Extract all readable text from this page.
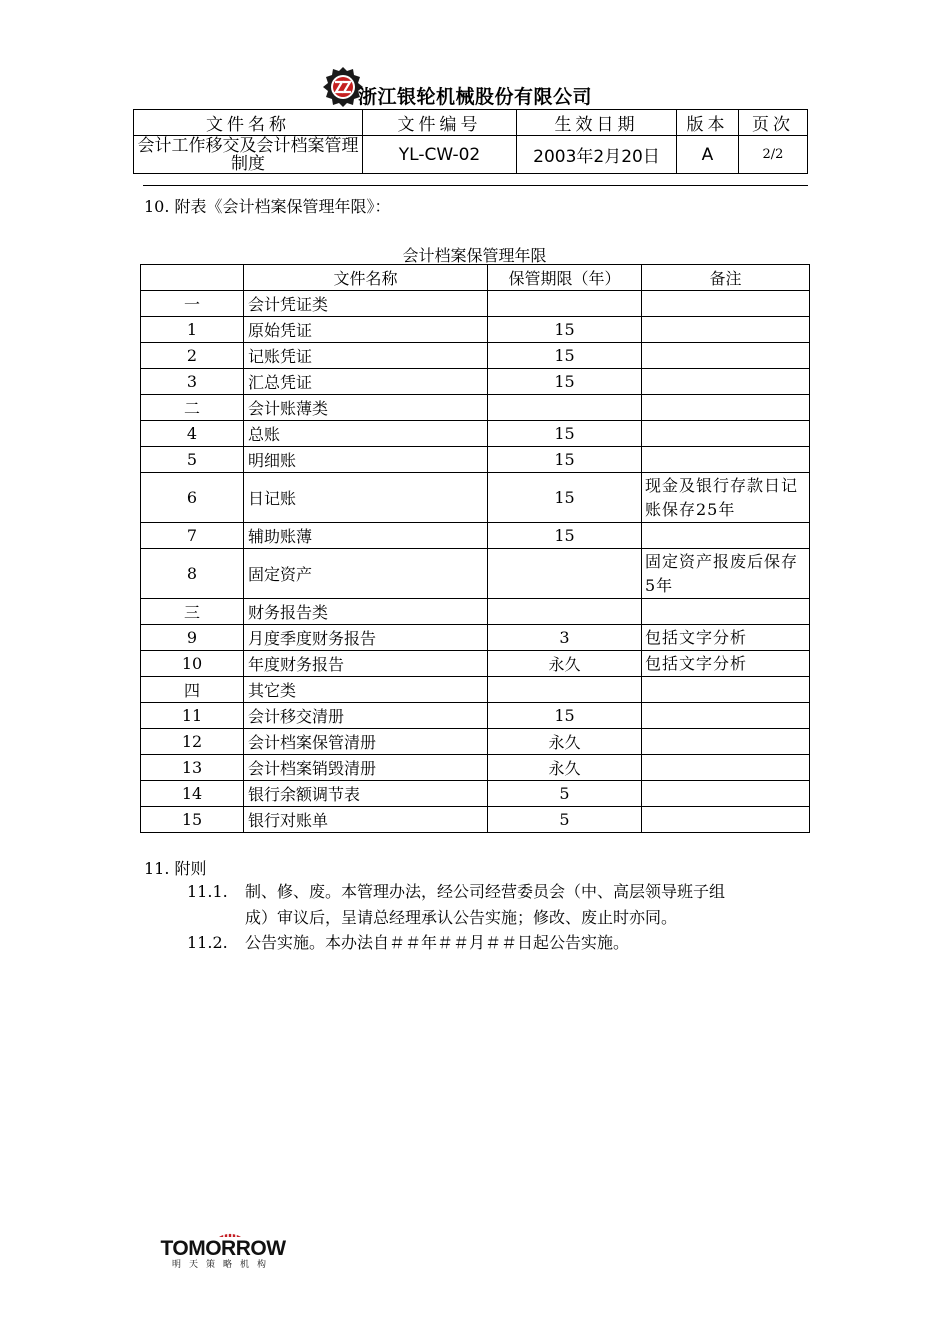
浙江银轮机械股份有限公司
文件名称	文件编号	生效日期	版本	页次
会计工作移交及会计档案管理制度	YL-CW-02	2003年2月20日	A	2/2
10. 附表《会计档案保管理年限》：
会计档案保管理年限
	文件名称	保管期限（年）	备注
一	会计凭证类		
1	原始凭证	15	
2	记账凭证	15	
3	汇总凭证	15	
二	会计账薄类		
4	总账	15	
5	明细账	15	
6	日记账	15	现金及银行存款日记账保存25年
7	辅助账薄	15	
8	固定资产		固定资产报废后保存5年
三	财务报告类		
9	月度季度财务报告	3	包括文字分析
10	年度财务报告	永久	包括文字分析
四	其它类		
11	会计移交清册	15	
12	会计档案保管清册	永久	
13	会计档案销毁清册	永久	
14	银行余额调节表	5	
15	银行对账单	5	
11. 附则
11.1. 制、修、废。本管理办法，经公司经营委员会（中、高层领导班子组
成）审议后，呈请总经理承认公告实施；修改、废止时亦同。
11.2. 公告实施。本办法自＃＃年＃＃月＃＃日起公告实施。
TOMORROW
明天策略机构
